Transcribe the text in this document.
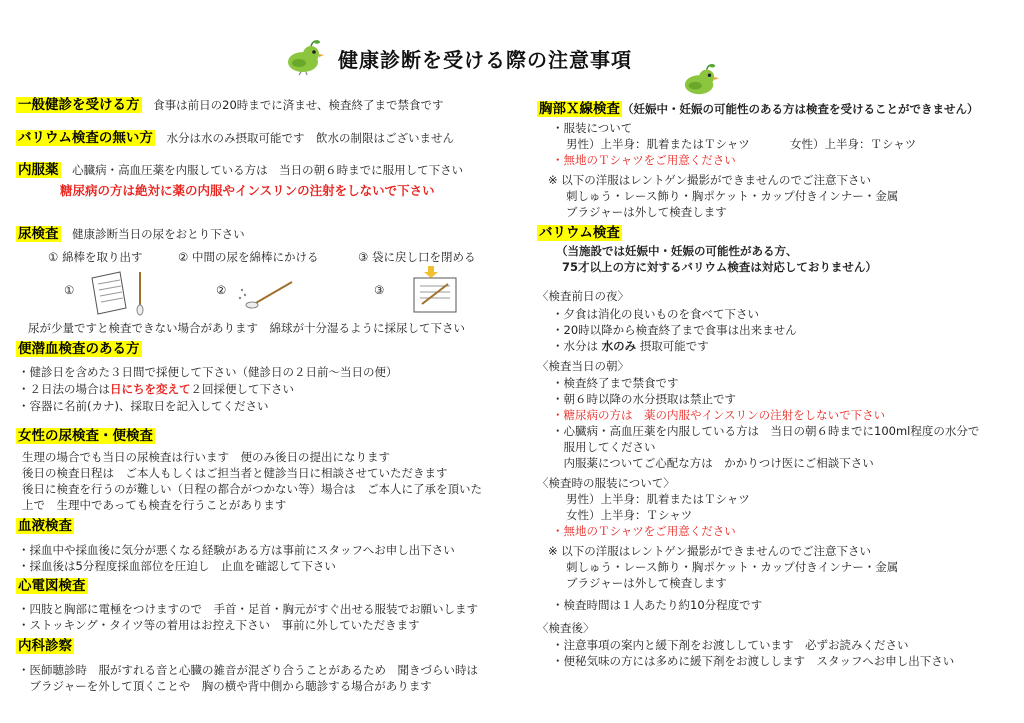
健康診断を受ける際の注意事項
一般健診を受ける方 食事は前日の20時までに済ませ、検査終了まで禁食です
バリウム検査の無い方 水分は水のみ摂取可能です　飲水の制限はございません
内服薬 心臓病・高血圧薬を内服している方は　当日の朝６時までに服用して下さい
糖尿病の方は絶対に薬の内服やインスリンの注射をしないで下さい
尿検査 健康診断当日の尿をおとり下さい
① 綿棒を取り出す	② 中間の尿を綿棒にかける	③ 袋に戻し口を閉める
①	②	③
尿が少量ですと検査できない場合があります　綿球が十分湿るように採尿して下さい
便潜血検査のある方
・健診日を含めた３日間で採便して下さい（健診日の２日前～当日の便）
・２日法の場合は日にちを変えて２回採便して下さい
・容器に名前(カナ)、採取日を記入してください
女性の尿検査・便検査
生理の場合でも当日の尿検査は行います　便のみ後日の提出になります
後日の検査日程は　ご本人もしくはご担当者と健診当日に相談させていただきます
後日に検査を行うのが難しい（日程の都合がつかない等）場合は　ご本人に了承を頂いた
上で　生理中であっても検査を行うことがあります
血液検査
・採血中や採血後に気分が悪くなる経験がある方は事前にスタッフへお申し出下さい
・採血後は5分程度採血部位を圧迫し　止血を確認して下さい
心電図検査
・四肢と胸部に電極をつけますので　手首・足首・胸元がすぐ出せる服装でお願いします
・ストッキング・タイツ等の着用はお控え下さい　事前に外していただきます
内科診察
・医師聴診時　服がすれる音と心臓の雑音が混ざり合うことがあるため　聞きづらい時は
　ブラジャーを外して頂くことや　胸の横や背中側から聴診する場合があります
胸部Ｘ線検査 （妊娠中・妊娠の可能性のある方は検査を受けることができません）
・服装について
男性）上半身：肌着またはＴシャツ	女性）上半身：Ｔシャツ
・無地のＴシャツをご用意ください
※ 以下の洋服はレントゲン撮影ができませんのでご注意下さい
刺しゅう・レース飾り・胸ポケット・カップ付きインナー・金属
ブラジャーは外して検査します
バリウム検査
（当施設では妊娠中・妊娠の可能性がある方、
75才以上の方に対するバリウム検査は対応しておりません）
〈検査前日の夜〉
・夕食は消化の良いものを食べて下さい
・20時以降から検査終了まで食事は出来ません
・水分は 水のみ 摂取可能です
〈検査当日の朝〉
・検査終了まで禁食です
・朝６時以降の水分摂取は禁止です
・糖尿病の方は　薬の内服やインスリンの注射をしないで下さい
・心臓病・高血圧薬を内服している方は　当日の朝６時までに100ml程度の水分で
　服用してください
　内服薬についてご心配な方は　かかりつけ医にご相談下さい
〈検査時の服装について〉
男性）上半身：肌着またはＴシャツ
女性）上半身：Ｔシャツ
・無地のＴシャツをご用意ください
※ 以下の洋服はレントゲン撮影ができませんのでご注意下さい
刺しゅう・レース飾り・胸ポケット・カップ付きインナー・金属
ブラジャーは外して検査します
・検査時間は１人あたり約10分程度です
〈検査後〉
・注意事項の案内と緩下剤をお渡ししています　必ずお読みください
・便秘気味の方には多めに緩下剤をお渡しします　スタッフへお申し出下さい
